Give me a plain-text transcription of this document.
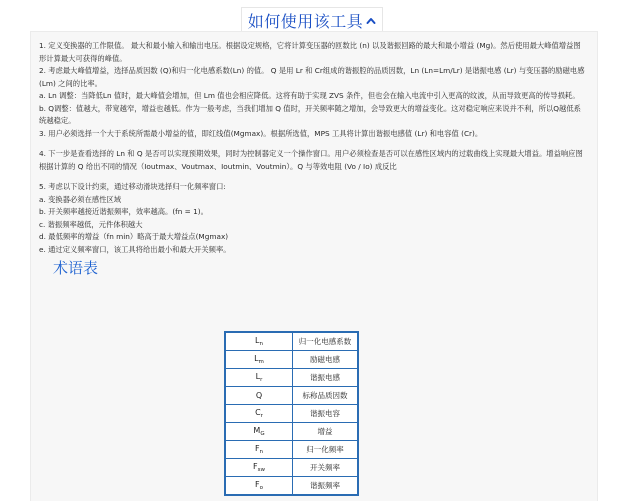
如何使用该工具

1. 定义变换器的工作限值。 最大和最小输入和输出电压。根据设定规格，它将计算变压器的匝数比 (n) 以及谐振回路的最大和最小增益 (Mg)。然后使用最大峰值增益图形计算最大可获得的峰值。

2. 考虑最大峰值增益，选择品质因数 (Q)和归一化电感系数(Ln) 的值。 Q 是用 Lr 和 Cr组成的谐振腔的品质因数，Ln (Ln=Lm/Lr) 是谐振电感 (Lr) 与变压器的励磁电感 (Lm) 之间的比率。

a. Ln 调整：当降低Ln 值时，最大峰值会增加，但 Lm 值也会相应降低。这将有助于实现 ZVS 条件，但也会在输入电流中引入更高的纹波，从而导致更高的传导损耗。

b. Q调整：值越大，带宽越窄，增益也越低。作为一般考虑，当我们增加 Q 值时，开关频率随之增加，会导致更大的增益变化。这对稳定响应来说并不利，所以Q越低系统越稳定。

3. 用户必须选择一个大于系统所需最小增益的值，即红线值(Mgmax)。根据所选值，MPS 工具将计算出谐振电感值 (Lr) 和电容值 (Cr)。

4. 下一步是查看选择的 Ln 和 Q 是否可以实现预期效果，同时为控制器定义一个操作窗口。用户必须检查是否可以在感性区域内的过载曲线上实现最大增益。增益响应图根据计算的 Q 给出不同的情况（Ioutmax、Voutmax、Ioutmin、Voutmin）。Q 与等效电阻 (Vo / Io) 成反比

5. 考虑以下设计约束，通过移动滑块选择归一化频率窗口:

a. 变换器必须在感性区域

b. 开关频率越接近谐振频率，效率越高。(fn = 1)。

c. 谐振频率越低，元件体积越大

d. 最低频率的增益（fn min）略高于最大增益点(Mgmax)

e. 通过定义频率窗口，该工具将给出最小和最大开关频率。

术语表
$L_n$	归一化电感系数
$L_m$	励磁电感
$L_r$	谐振电感
Q	标称品质因数
$C_r$	谐振电容
$M_G$	增益
$F_n$	归一化频率
$F_{sw}$	开关频率
$F_o$	谐振频率
